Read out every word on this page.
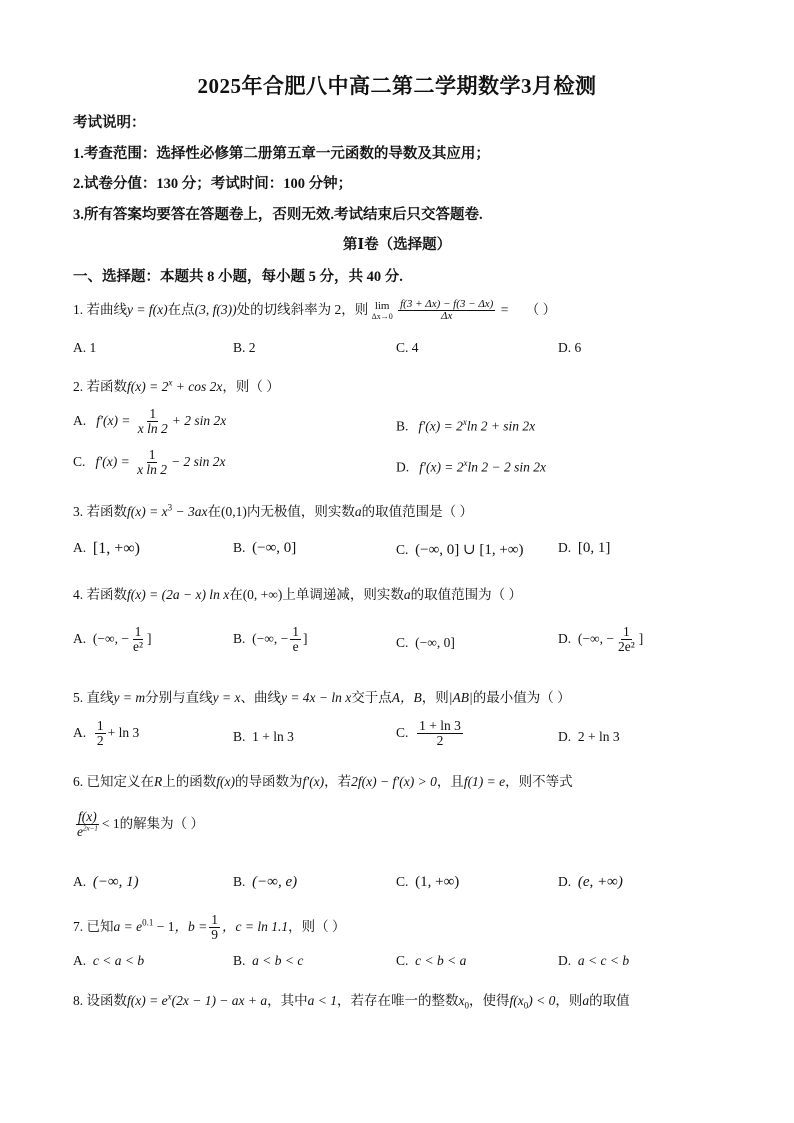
2025年合肥八中高二第二学期数学3月检测
考试说明：
1.考查范围：选择性必修第二册第五章一元函数的导数及其应用；
2.试卷分值：130 分；考试时间：100 分钟；
3.所有答案均要答在答题卷上，否则无效.考试结束后只交答题卷.
第Ⅰ卷（选择题）
一、选择题：本题共 8 小题，每小题 5 分，共 40 分.
1. 若曲线y = f(x)在点(3, f(3))处的切线斜率为 2，则 lim
Δx→0
$\frac{f(3 + \Delta x) - f(3 - \Delta x)}{\Delta x}$ = （ ）
A. 1	B. 2	C. 4	D. 6
2. 若函数$f(x) = 2^x + \cos 2x$，则（ ）
A. $f'(x) = \frac{1}{\text{x ln 2}} + 2$ sin 2x	B. $f'(x) = 2^x\ln$ 2 + sin 2x
C. $f'(x) = \frac{1}{\text{x ln 2}} - 2$ sin 2x	D. $f'(x) = 2^x\ln$ 2 − 2 sin 2x
3. 若函数$f(x) = x^3 - 3ax$在(0,1)内无极值，则实数a的取值范围是（ ）
A. [1, +∞)	B. (−∞, 0]	C. (−∞, 0] ∪ [1, +∞)	D. [0, 1]
4. 若函数f(x) = (2a − x) ln x在(0, +∞)上单调递减，则实数a的取值范围为（ ）
A. (−∞, − $\frac{1}{\text{e²}}$ ]	B. (−∞, − $\frac{1}{e}$ ]	C. (−∞, 0]	D. (−∞, − $\frac{1}{\text{2e²}}$ ]
5. 直线y = m分别与直线y = x、曲线y = 4x − ln x交于点A，B，则|AB|的最小值为（ ）
A. $\frac{1}{2} + \ln 3$	B. 1 + ln 3	C. $\frac{1 + \ln 3}{2}$	D. 2 + ln 3
6. 已知定义在R上的函数f(x)的导函数为f′(x)，若2f(x) − f′(x) > 0，且f(1) = e，则不等式
$\frac{f(x)}{e^{2x-1}} < 1$的解集为（ ）
A. (−∞, 1)	B. (−∞, e)	C. (1, +∞)	D. (e, +∞)
7. 已知$a = e^{0.1} - 1$，$b = \frac{1}{9}$ ，c = ln 1.1，则（ ）
A. c < a < b	B. a < b < c	C. c < b < a	D. a < c < b
8. 设函数$f(x) = e^x(2x - 1)$ − ax + a，其中a < 1，若存在唯一的整数$x_0$，使得$f(x_0) < 0$，则a的取值
